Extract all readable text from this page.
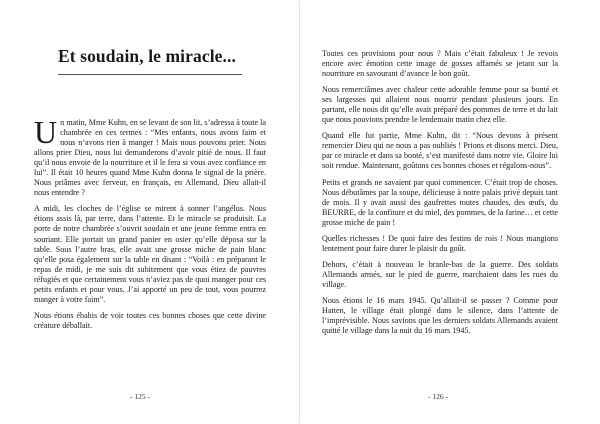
Et soudain, le miracle...

Un matin, Mme Kuhn, en se levant de son lit, s’adressa à toute la chambrée en ces termes : “Mes enfants, nous avons faim et nous n’avons rien à manger ! Mais nous pouvons prier. Nous allons prier Dieu, nous lui demanderons d’avoir pitié de nous. Il faut qu’il nous envoie de la nourriture et il le fera si vous avez confiance en lui”. Il était 10 heures quand Mme Kuhn donna le signal de la prière. Nous priâmes avec ferveur, en français, en Allemand. Dieu allait-il nous entendre ?

A midi, les cloches de l’église se mirent à sonner l’angélus. Nous étions assis là, par terre, dans l’attente. Et le miracle se produisit. La porte de notre chambrée s’ouvrit soudain et une jeune femme entra en souriant. Elle portait un grand panier en osier qu’elle déposa sur la table. Sous l’autre bras, elle avait une grosse miche de pain blanc qu’elle posa également sur la table en disant : “Voilà : en préparant le repas de midi, je me suis dit subitement que vous étiez de pauvres réfugiés et que certainement vous n’aviez pas de quoi manger pour ces petits enfants et pour vous. J’ai apporté un peu de tout, vous pourrez manger à votre faim”.

Nous étions ébahis de voir toutes ces bonnes choses que cette divine créature déballait.

- 125 -

Toutes ces provisions pour nous ? Mais c’était fabuleux ! Je revois encore avec émotion cette image de gosses affamés se jetant sur la nourriture en savourant d’avance le bon goût.

Nous remerciâmes avec chaleur cette adorable femme pour sa bonté et ses largesses qui allaient nous nourrir pendant plusieurs jours. En partant, elle nous dit qu’elle avait préparé des pommes de terre et du lait que nous pouvions prendre le lendemain matin chez elle.

Quand elle fut partie, Mme Kuhn, dit : “Nous devons à présent remercier Dieu qui ne nous a pas oubliés ! Prions et disons merci. Dieu, par ce miracle et dans sa bonté, s’est manifesté dans notre vie. Gloire lui soit rendue. Maintenant, goûtons ces bonnes choses et régalons-nous”.

Petits et grands ne savaient par quoi commencer. C’était trop de choses. Nous débutâmes par la soupe, délicieuse à notre palais privé depuis tant de mois. Il y avait aussi des gaufrettes toutes chaudes, des œufs, du BEURRE, de la confiture et du miel, des pommes, de la farine… et cette grosse miche de pain !

Quelles richesses ! De quoi faire des festins de rois ! Nous mangions lentement pour faire durer le plaisir du goût.

Dehors, c’était à nouveau le branle-bas de la guerre. Des soldats Allemands armés, sur le pied de guerre, marchaient dans les rues du village.

Nous étions le 16 mars 1945. Qu’allait-il se passer ? Comme pour Hatten, le village était plongé dans le silence, dans l’attente de l’imprévisible. Nous savions que les derniers soldats Allemands avaient quitté le village dans la nuit du 16 mars 1945.

- 126 -
